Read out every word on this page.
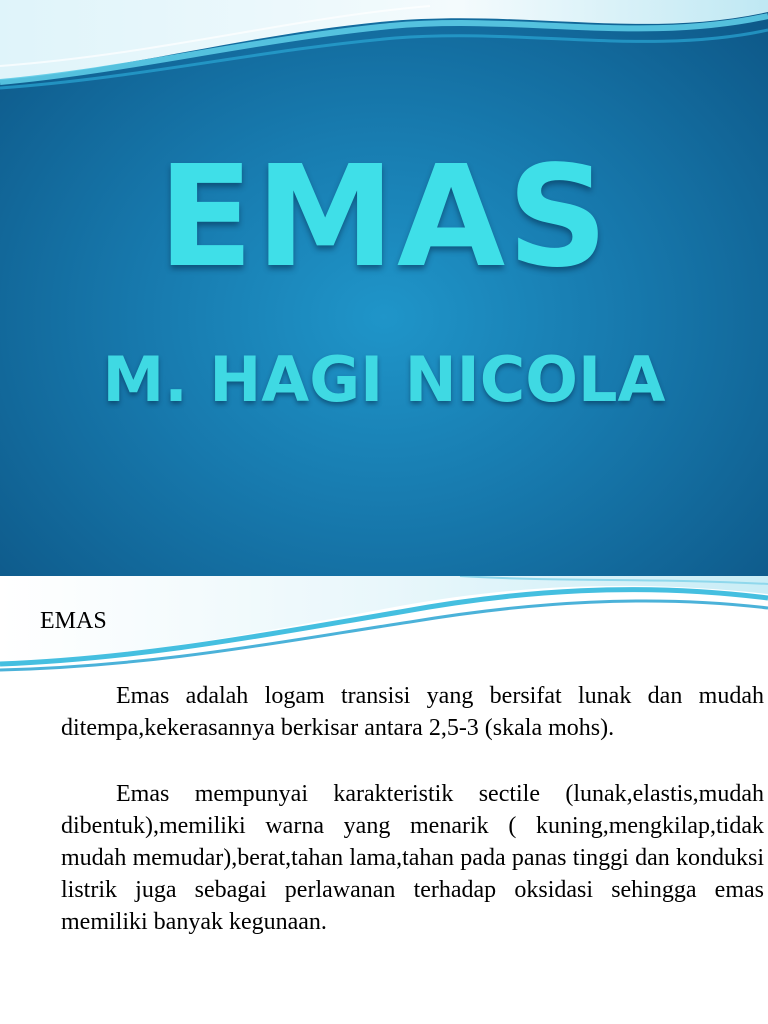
EMAS
M. HAGI NICOLA
EMAS

Emas adalah logam transisi yang bersifat lunak dan mudah ditempa,kekerasannya berkisar antara 2,5-3 (skala mohs).

Emas mempunyai karakteristik sectile (lunak,elastis,mudah dibentuk),memiliki warna yang menarik ( kuning,mengkilap,tidak mudah memudar),berat,tahan lama,tahan pada panas tinggi dan konduksi listrik juga sebagai perlawanan terhadap oksidasi sehingga emas memiliki banyak kegunaan.
